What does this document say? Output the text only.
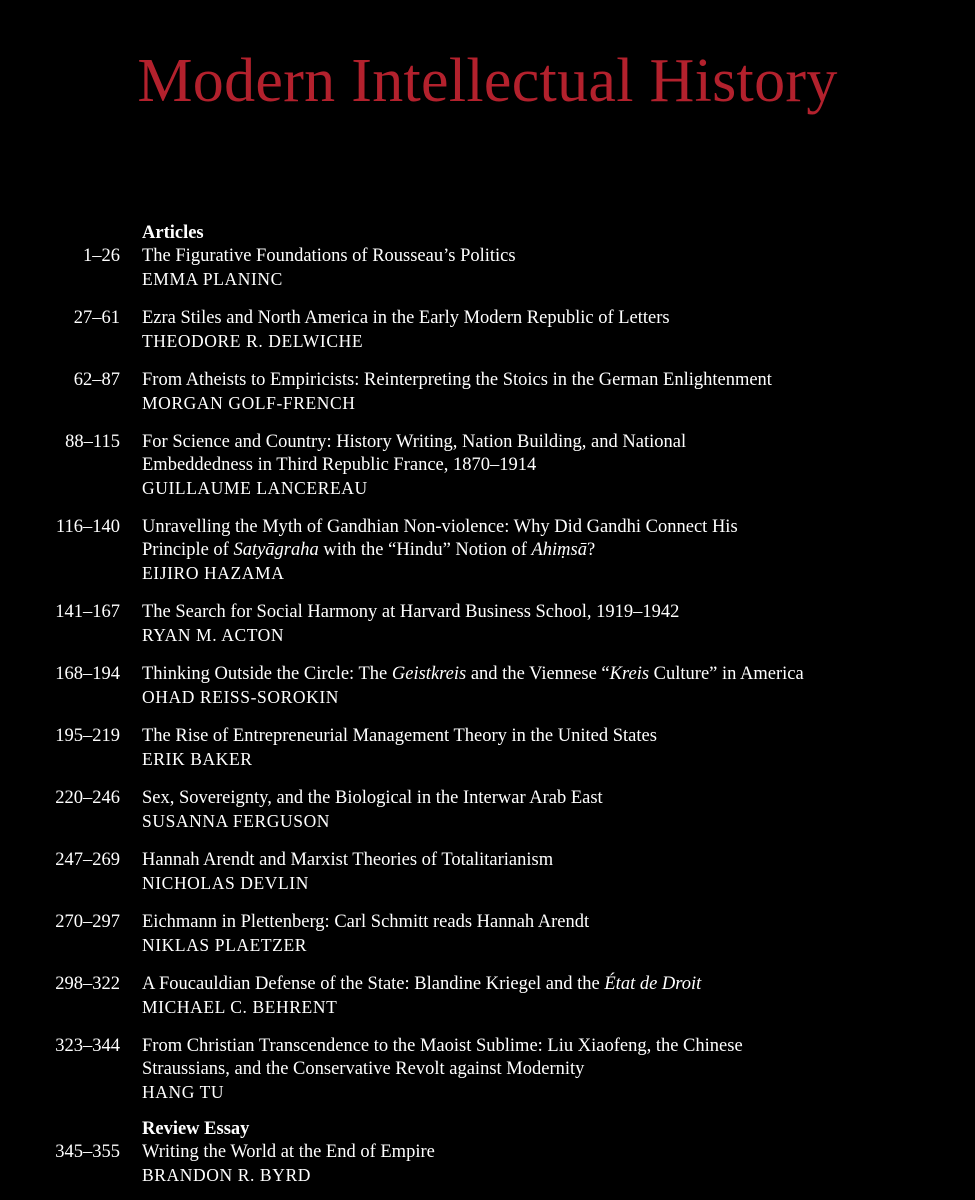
Modern Intellectual History
Articles
1–26 The Figurative Foundations of Rousseau’s Politics
EMMA PLANINC
27–61 Ezra Stiles and North America in the Early Modern Republic of Letters
THEODORE R. DELWICHE
62–87 From Atheists to Empiricists: Reinterpreting the Stoics in the German Enlightenment
MORGAN GOLF-FRENCH
88–115 For Science and Country: History Writing, Nation Building, and National
Embeddedness in Third Republic France, 1870–1914
GUILLAUME LANCEREAU
116–140 Unravelling the Myth of Gandhian Non-violence: Why Did Gandhi Connect His
Principle of Satyāgraha with the “Hindu” Notion of Ahiṃsā?
EIJIRO HAZAMA
141–167 The Search for Social Harmony at Harvard Business School, 1919–1942
RYAN M. ACTON
168–194 Thinking Outside the Circle: The Geistkreis and the Viennese “Kreis Culture” in America
OHAD REISS-SOROKIN
195–219 The Rise of Entrepreneurial Management Theory in the United States
ERIK BAKER
220–246 Sex, Sovereignty, and the Biological in the Interwar Arab East
SUSANNA FERGUSON
247–269 Hannah Arendt and Marxist Theories of Totalitarianism
NICHOLAS DEVLIN
270–297 Eichmann in Plettenberg: Carl Schmitt reads Hannah Arendt
NIKLAS PLAETZER
298–322 A Foucauldian Defense of the State: Blandine Kriegel and the État de Droit
MICHAEL C. BEHRENT
323–344 From Christian Transcendence to the Maoist Sublime: Liu Xiaofeng, the Chinese
Straussians, and the Conservative Revolt against Modernity
HANG TU
Review Essay
345–355 Writing the World at the End of Empire
BRANDON R. BYRD
